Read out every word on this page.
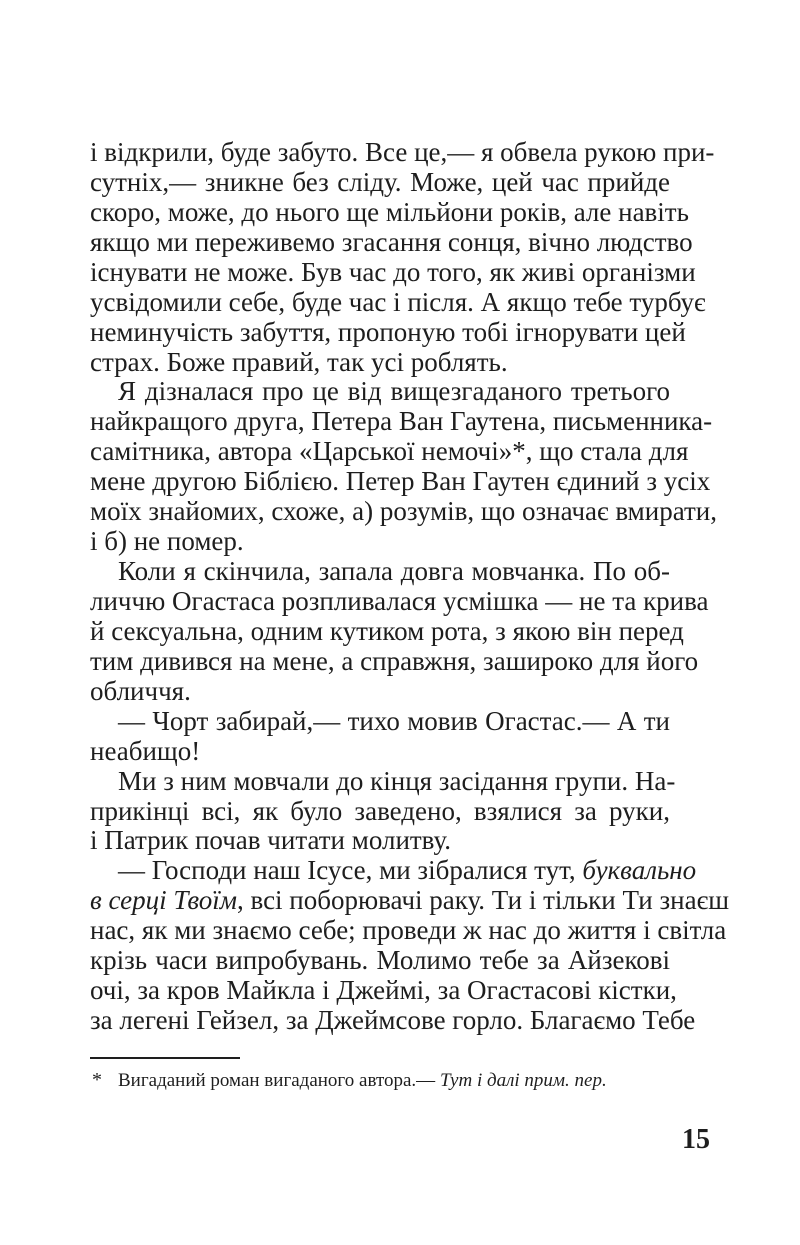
і відкрили, буде забуто. Все це,— я обвела рукою при-
сутніх,— зникне без сліду. Може, цей час прийде
скоро, може, до нього ще мільйони років, але навіть
якщо ми переживемо згасання сонця, вічно людство
існувати не може. Був час до того, як живі організми
усвідомили себе, буде час і після. А якщо тебе турбує
неминучість забуття, пропоную тобі ігнорувати цей
страх. Боже правий, так усі роблять.
Я дізналася про це від вищезгаданого третього
найкращого друга, Петера Ван Гаутена, письменника-
самітника, автора «Царської немочі»*, що стала для
мене другою Біблією. Петер Ван Гаутен єдиний з усіх
моїх знайомих, схоже, а) розумів, що означає вмирати,
і б) не помер.
Коли я скінчила, запала довга мовчанка. По об-
личчю Огастаса розпливалася усмішка — не та крива
й сексуальна, одним кутиком рота, з якою він перед
тим дивився на мене, а справжня, зашироко для його
обличчя.
— Чорт забирай,— тихо мовив Огастас.— А ти
неабищо!
Ми з ним мовчали до кінця засідання групи. На-
прикінці всі, як було заведено, взялися за руки,
і Патрик почав читати молитву.
— Господи наш Ісусе, ми зібралися тут, буквально
в серці Твоїм, всі поборювачі раку. Ти і тільки Ти знаєш
нас, як ми знаємо себе; проведи ж нас до життя і світла
крізь часи випробувань. Молимо тебе за Айзекові
очі, за кров Майкла і Джеймі, за Огастасові кістки,
за легені Гейзел, за Джеймсове горло. Благаємо Тебе
* Вигаданий роман вигаданого автора.— Тут і далі прим. пер.
15
